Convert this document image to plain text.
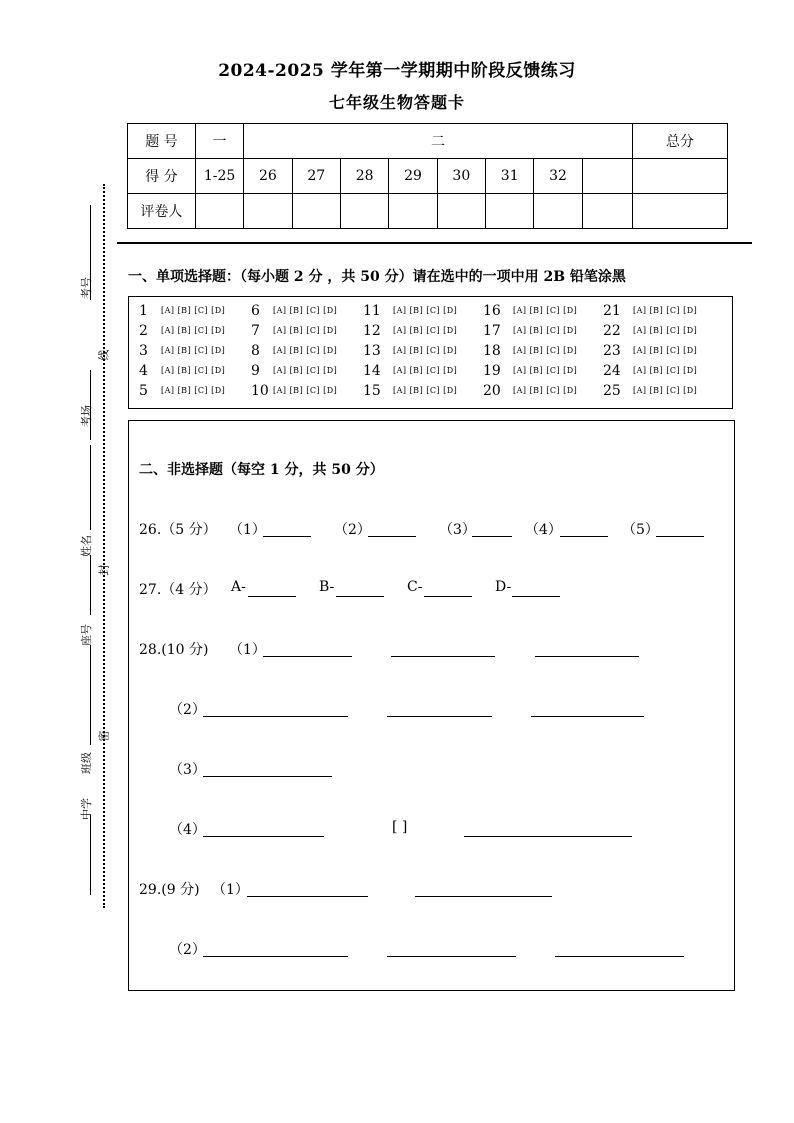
2024-2025 学年第一学期期中阶段反馈练习
七年级生物答题卡
题 号	一	二								总分
得 分	1-25	26	27	28	29	30	31	32		
评卷人										
一、单项选择题：（每小题 2 分 ，共 50 分）请在选中的一项中用 2B 铅笔涂黑
1 [A] [B] [C] [D] 6 [A] [B] [C] [D] 11 [A] [B] [C] [D] 16 [A] [B] [C] [D] 21 [A] [B] [C] [D]
2 [A] [B] [C] [D] 7 [A] [B] [C] [D] 12 [A] [B] [C] [D] 17 [A] [B] [C] [D] 22 [A] [B] [C] [D]
3 [A] [B] [C] [D] 8 [A] [B] [C] [D] 13 [A] [B] [C] [D] 18 [A] [B] [C] [D] 23 [A] [B] [C] [D]
4 [A] [B] [C] [D] 9 [A] [B] [C] [D] 14 [A] [B] [C] [D] 19 [A] [B] [C] [D] 24 [A] [B] [C] [D]
5 [A] [B] [C] [D] 10 [A] [B] [C] [D] 15 [A] [B] [C] [D] 20 [A] [B] [C] [D] 25 [A] [B] [C] [D]
二、非选择题（每空 1 分，共 50 分）
26.（5 分） （1）	（2）	（3）	（4）	（5）
27.（4 分） A-	B-	C-	D-
28.(10 分) （1）
（2）
（3）
（4）	[ ]
29.(9 分) （1）
（2）
考号
考场
姓名
座号
班级
中学
线
封
密
